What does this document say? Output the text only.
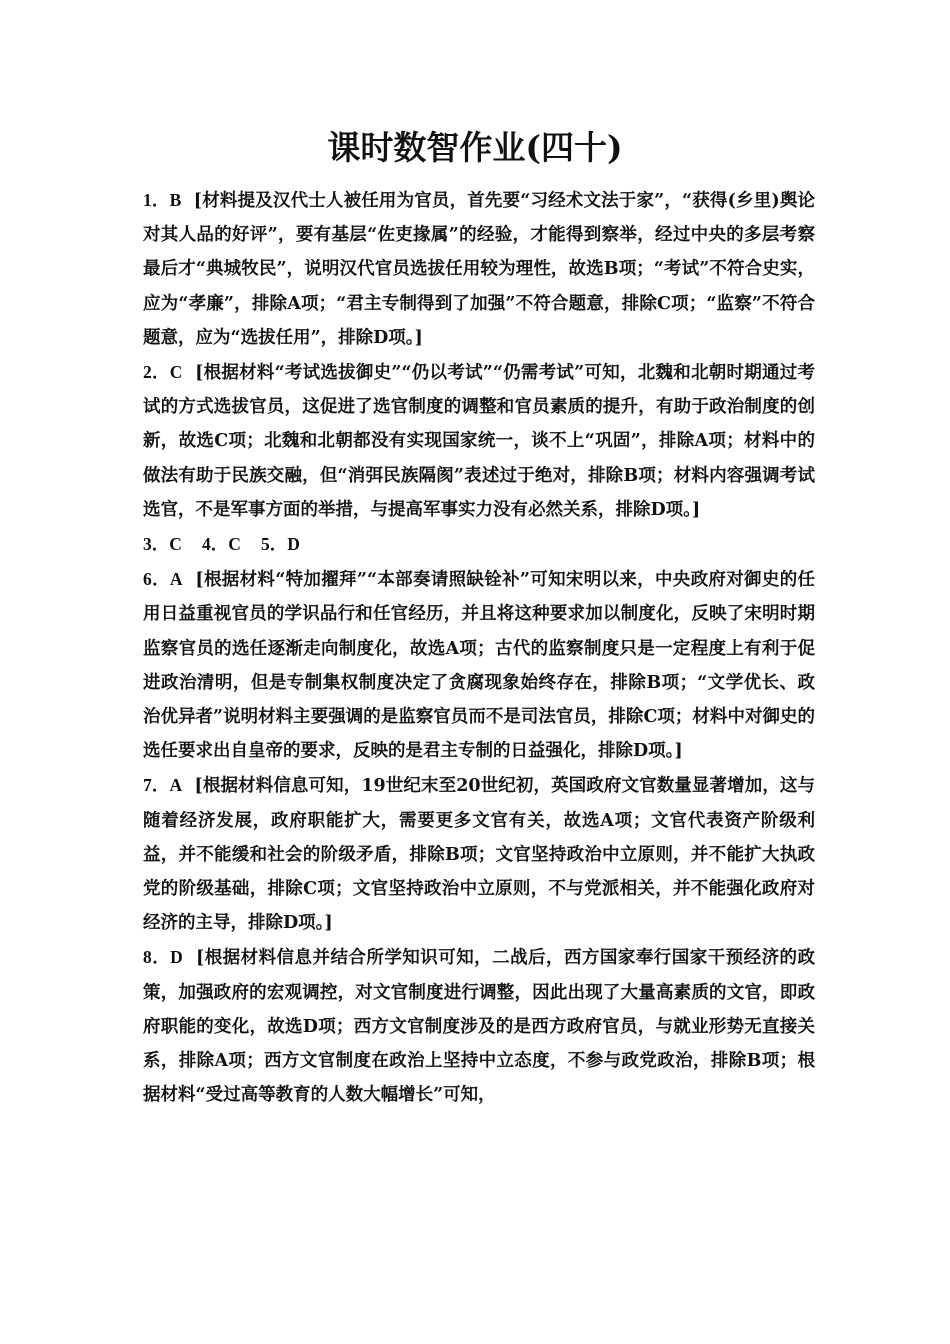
课时数智作业(四十)
1．B [材料提及汉代士人被任用为官员，首先要“习经术文法于家”，“获得(乡里)舆论对其人品的好评”，要有基层“佐吏掾属”的经验，才能得到察举，经过中央的多层考察最后才“典城牧民”，说明汉代官员选拔任用较为理性，故选B项；“考试”不符合史实，应为“孝廉”，排除A项；“君主专制得到了加强”不符合题意，排除C项；“监察”不符合题意，应为“选拔任用”，排除D项。]
2．C [根据材料“考试选拔御史”“仍以考试”“仍需考试”可知，北魏和北朝时期通过考试的方式选拔官员，这促进了选官制度的调整和官员素质的提升，有助于政治制度的创新，故选C项；北魏和北朝都没有实现国家统一，谈不上“巩固”，排除A项；材料中的做法有助于民族交融，但“消弭民族隔阂”表述过于绝对，排除B项；材料内容强调考试选官，不是军事方面的举措，与提高军事实力没有必然关系，排除D项。]
3．C 4．C 5．D
6．A [根据材料“特加擢拜”“本部奏请照缺铨补”可知宋明以来，中央政府对御史的任用日益重视官员的学识品行和任官经历，并且将这种要求加以制度化，反映了宋明时期监察官员的选任逐渐走向制度化，故选A项；古代的监察制度只是一定程度上有利于促进政治清明，但是专制集权制度决定了贪腐现象始终存在，排除B项；“文学优长、政治优异者”说明材料主要强调的是监察官员而不是司法官员，排除C项；材料中对御史的选任要求出自皇帝的要求，反映的是君主专制的日益强化，排除D项。]
7．A [根据材料信息可知，19世纪末至20世纪初，英国政府文官数量显著增加，这与随着经济发展，政府职能扩大，需要更多文官有关，故选A项；文官代表资产阶级利益，并不能缓和社会的阶级矛盾，排除B项；文官坚持政治中立原则，并不能扩大执政党的阶级基础，排除C项；文官坚持政治中立原则，不与党派相关，并不能强化政府对经济的主导，排除D项。]
8．D [根据材料信息并结合所学知识可知，二战后，西方国家奉行国家干预经济的政策，加强政府的宏观调控，对文官制度进行调整，因此出现了大量高素质的文官，即政府职能的变化，故选D项；西方文官制度涉及的是西方政府官员，与就业形势无直接关系，排除A项；西方文官制度在政治上坚持中立态度，不参与政党政治，排除B项；根据材料“受过高等教育的人数大幅增长”可知，
